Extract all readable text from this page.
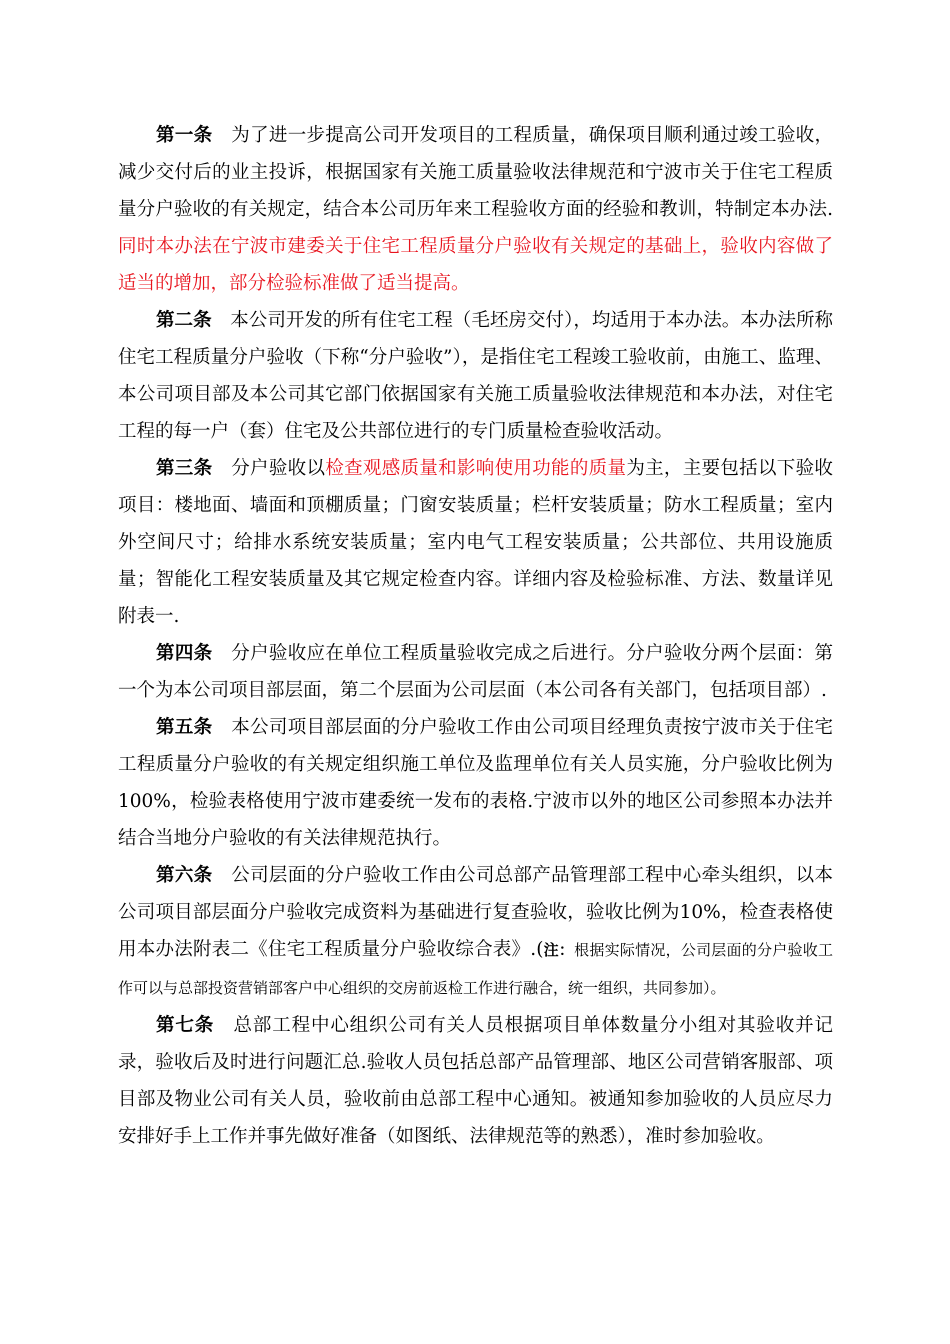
第一条　 为了进一步提高公司开发项目的工程质量，确保项目顺利通过竣工验收，减少交付后的业主投诉，根据国家有关施工质量验收法律规范和宁波市关于住宅工程质量分户验收的有关规定，结合本公司历年来工程验收方面的经验和教训，特制定本办法.同时本办法在宁波市建委关于住宅工程质量分户验收有关规定的基础上，验收内容做了适当的增加，部分检验标准做了适当提高。

第二条　 本公司开发的所有住宅工程（毛坯房交付），均适用于本办法。本办法所称住宅工程质量分户验收（下称“分户验收”），是指住宅工程竣工验收前，由施工、监理、本公司项目部及本公司其它部门依据国家有关施工质量验收法律规范和本办法，对住宅工程的每一户（套）住宅及公共部位进行的专门质量检查验收活动。

第三条　 分户验收以检查观感质量和影响使用功能的质量为主，主要包括以下验收项目：楼地面、墙面和顶棚质量；门窗安装质量；栏杆安装质量；防水工程质量；室内外空间尺寸；给排水系统安装质量；室内电气工程安装质量；公共部位、共用设施质量；智能化工程安装质量及其它规定检查内容。详细内容及检验标准、方法、数量详见附表一.

第四条　 分户验收应在单位工程质量验收完成之后进行。分户验收分两个层面：第一个为本公司项目部层面，第二个层面为公司层面（本公司各有关部门，包括项目部）.

第五条　 本公司项目部层面的分户验收工作由公司项目经理负责按宁波市关于住宅工程质量分户验收的有关规定组织施工单位及监理单位有关人员实施，分户验收比例为100%，检验表格使用宁波市建委统一发布的表格.宁波市以外的地区公司参照本办法并结合当地分户验收的有关法律规范执行。

第六条　 公司层面的分户验收工作由公司总部产品管理部工程中心牵头组织，以本公司项目部层面分户验收完成资料为基础进行复查验收，验收比例为10%，检查表格使用本办法附表二《住宅工程质量分户验收综合表》.(注：根据实际情况，公司层面的分户验收工作可以与总部投资营销部客户中心组织的交房前返检工作进行融合，统一组织，共同参加）。

第七条　 总部工程中心组织公司有关人员根据项目单体数量分小组对其验收并记录，验收后及时进行问题汇总.验收人员包括总部产品管理部、地区公司营销客服部、项目部及物业公司有关人员，验收前由总部工程中心通知。被通知参加验收的人员应尽力安排好手上工作并事先做好准备（如图纸、法律规范等的熟悉），准时参加验收。
